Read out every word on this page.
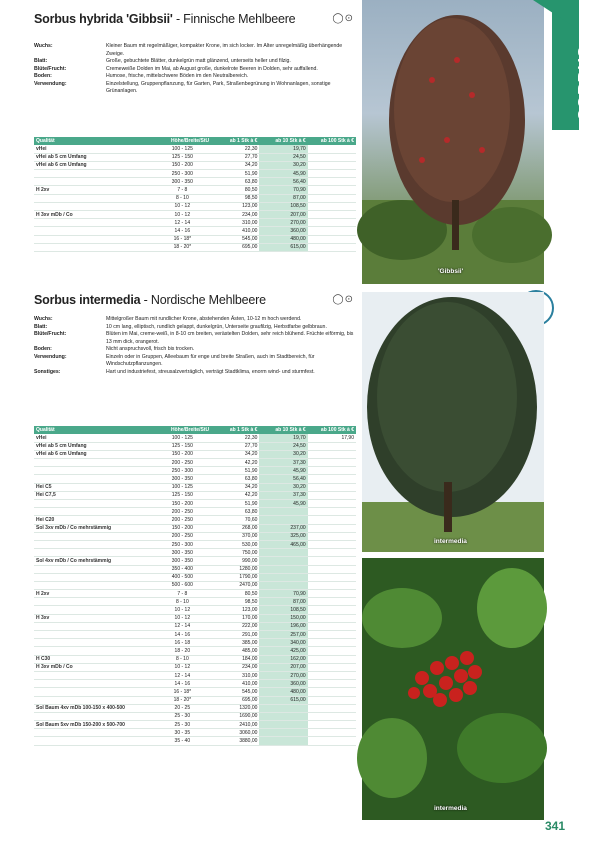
Sorbus hybrida 'Gibbsii' - Finnische Mehlbeere	◯⊙
Wuchs:	Kleiner Baum mit regelmäßiger, kompakter Krone, im sich locker. Im Alter unregelmäßig überhängende Zweige.
Blatt:	Große, gebuchtete Blätter, dunkelgrün matt glänzend, unterseits heller und filzig.
Blüte/Frucht:	Cremeweiße Dolden im Mai, ab August große, dunkelrote Beeren in Dolden, sehr auffallend.
Boden:	Humose, frische, mittelschwere Böden im den Neutralbereich.
Verwendung:	Einzelstellung, Gruppenpflanzung, für Garten, Park, Straßenbegrünung in Wohnanlagen, sonstige Grünanlagen.
Qualität	Höhe/Breite/StU	ab 1 Stk à €	ab 10 Stk à €	ab 100 Stk à €
vHei	100 - 125	22,30	19,70	
vHei ab 5 cm Umfang	125 - 150	27,70	24,50	
vHei ab 6 cm Umfang	150 - 200	34,20	30,20	
	250 - 300	51,90	45,90	
	300 - 350	63,80	56,40	
H 2xv	7 - 8	80,50	70,90	
	8 - 10	98,50	87,00	
	10 - 12	123,00	108,50	
H 3xv mDb / Co	10 - 12	234,00	207,00	
	12 - 14	310,00	270,00	
	14 - 16	410,00	360,00	
	16 - 18*	545,00	480,00	
	18 - 20*	695,00	615,00	
Sorbus intermedia - Nordische Mehlbeere	◯⊙
Wuchs:	Mittelgroßer Baum mit rundlicher Krone, abstehenden Ästen, 10-12 m hoch werdend.
Blatt:	10 cm lang, elliptisch, rundlich gelappt, dunkelgrün, Unterseite graufilzig, Herbstfarbe gelbbraun.
Blüte/Frucht:	Blüten im Mai, creme-weiß, in 8-10 cm breiten, verästelten Dolden, sehr reich blühend. Früchte eiförmig, bis 13 mm dick, orangerot.
Boden:	Nicht anspruchsvoll, frisch bis trocken.
Verwendung:	Einzeln oder in Gruppen, Alleebaum für enge und breite Straßen, auch im Stadtbereich, für Windschutzpflanzungen.
Sonstiges:	Hart und industriefest, streusalzverträglich, verträgt Stadtklima, enorm wind- und sturmfest.
Qualität	Höhe/Breite/StU	ab 1 Stk à €	ab 10 Stk à €	ab 100 Stk à €
vHei	100 - 125	22,30	19,70	17,90
vHei ab 5 cm Umfang	125 - 150	27,70	24,50	
vHei ab 6 cm Umfang	150 - 200	34,20	30,20	
	200 - 250	42,20	37,30	
	250 - 300	51,90	45,90	
	300 - 350	63,80	56,40	
Hei C5	100 - 125	34,20	30,20	
Hei C7,5	125 - 150	42,20	37,30	
	150 - 200	51,90	45,90	
	200 - 250	63,80		
Hei C20	200 - 250	70,60		
Sol 3xv mDb / Co mehrstämmig	150 - 200	268,00	237,00	
	200 - 250	370,00	325,00	
	250 - 300	530,00	465,00	
	300 - 350	750,00		
Sol 4xv mDb / Co mehrstämmig	300 - 350	990,00		
	350 - 400	1280,00		
	400 - 500	1790,00		
	500 - 600	2470,00		
H 2xv	7 - 8	80,50	70,90	
	8 - 10	98,50	87,00	
	10 - 12	123,00	108,50	
H 3xv	10 - 12	170,00	150,00	
	12 - 14	222,00	196,00	
	14 - 16	291,00	257,00	
	16 - 18	385,00	340,00	
	18 - 20	485,00	425,00	
H C30	8 - 10	184,00	162,00	
H 3xv mDb / Co	10 - 12	234,00	207,00	
	12 - 14	310,00	270,00	
	14 - 16	410,00	360,00	
	16 - 18*	545,00	480,00	
	18 - 20*	695,00	615,00	
Sol Baum 4xv mDb 100-150 x 400-500	20 - 25	1320,00		
	25 - 30	1690,00		
Sol Baum 5xv mDb 150-200 x 500-700	25 - 30	2410,00		
	30 - 35	3060,00		
	35 - 40	3880,00		
'Gibbsii'
SORBUS
intermedia
intermedia
341
